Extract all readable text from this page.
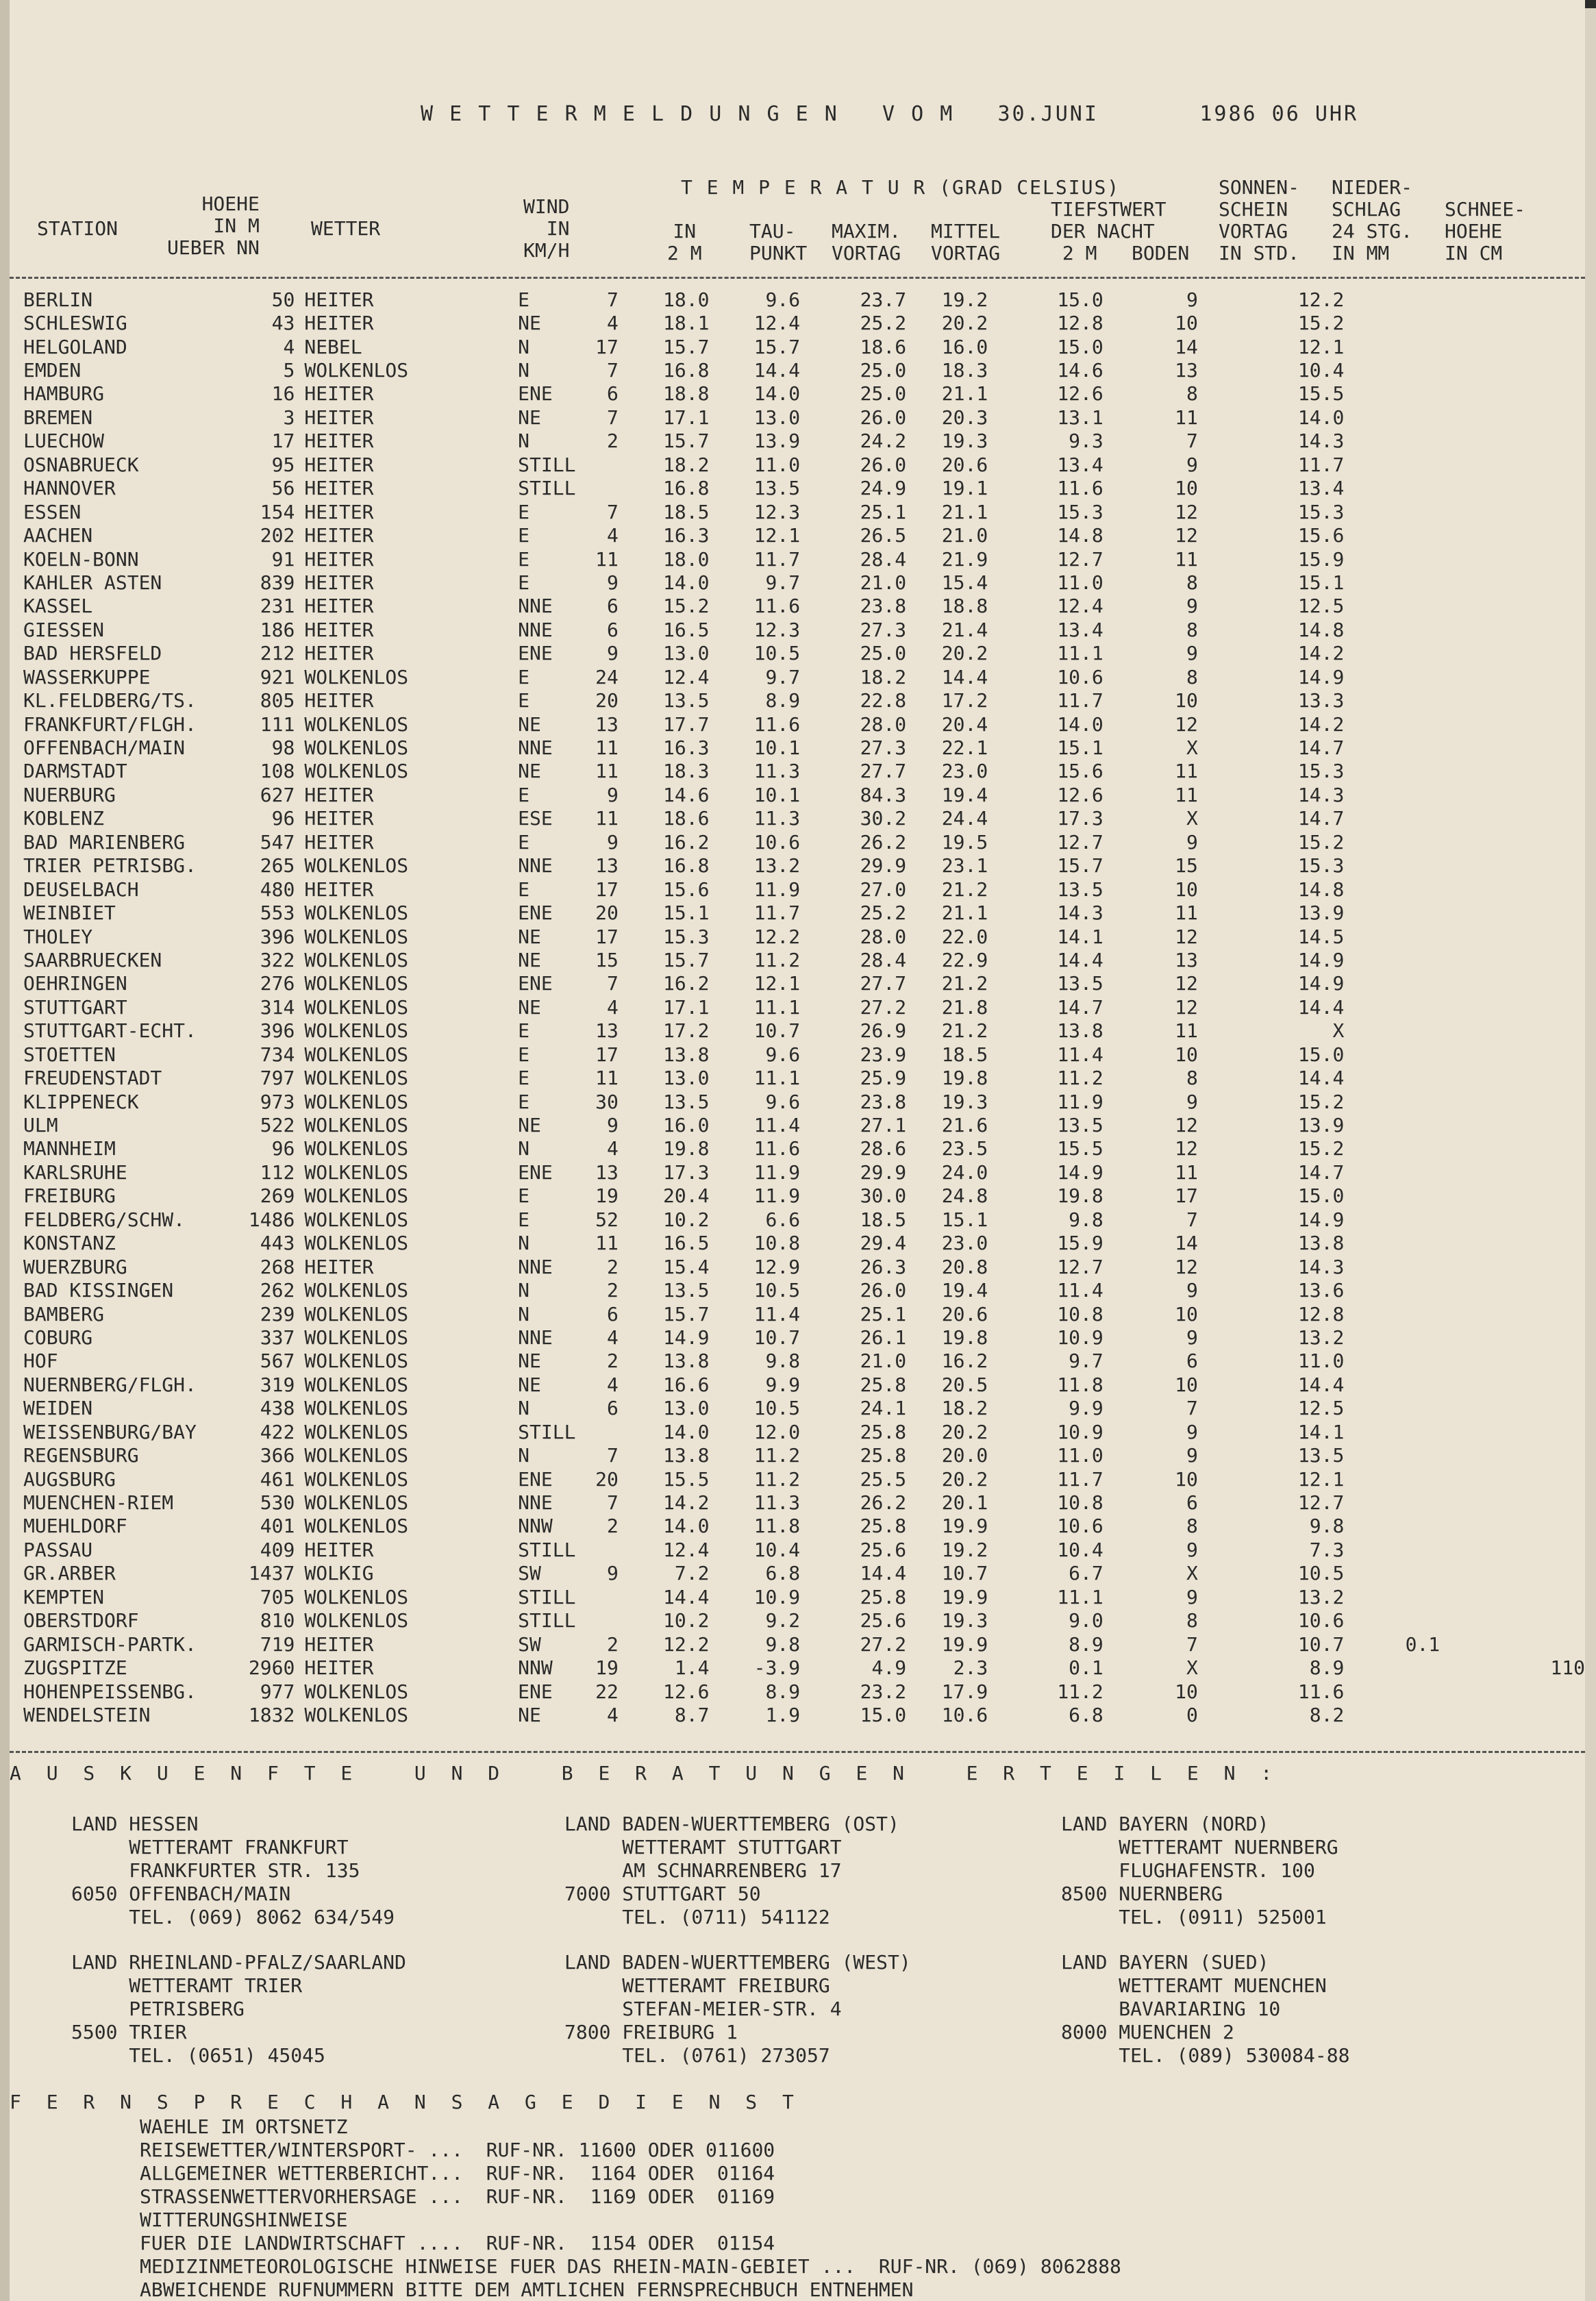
W E T T E R M E L D U N G E N   V O M   30.JUNI       1986 06 UHR
STATION
HOEHE
IN M
UEBER NN
WETTER
WIND
IN
KM/H
T E M P E R A T U R (GRAD CELSIUS)
IN
2 M
TAU-
PUNKT
MAXIM.
VORTAG
MITTEL
VORTAG
TIEFSTWERT
DER NACHT
2 M   BODEN
SONNEN-
SCHEIN
VORTAG
IN STD.
NIEDER-
SCHLAG
24 STG.
IN MM
SCHNEE-
HOEHE
IN CM
BERLIN	50	HEITER	E	7	18.0	9.6	23.7	19.2	15.0	9	12.2		
SCHLESWIG	43	HEITER	NE	4	18.1	12.4	25.2	20.2	12.8	10	15.2		
HELGOLAND	4	NEBEL	N	17	15.7	15.7	18.6	16.0	15.0	14	12.1		
EMDEN	5	WOLKENLOS	N	7	16.8	14.4	25.0	18.3	14.6	13	10.4		
HAMBURG	16	HEITER	ENE	6	18.8	14.0	25.0	21.1	12.6	8	15.5		
BREMEN	3	HEITER	NE	7	17.1	13.0	26.0	20.3	13.1	11	14.0		
LUECHOW	17	HEITER	N	2	15.7	13.9	24.2	19.3	9.3	7	14.3		
OSNABRUECK	95	HEITER	STILL		18.2	11.0	26.0	20.6	13.4	9	11.7		
HANNOVER	56	HEITER	STILL		16.8	13.5	24.9	19.1	11.6	10	13.4		
ESSEN	154	HEITER	E	7	18.5	12.3	25.1	21.1	15.3	12	15.3		
AACHEN	202	HEITER	E	4	16.3	12.1	26.5	21.0	14.8	12	15.6		
KOELN-BONN	91	HEITER	E	11	18.0	11.7	28.4	21.9	12.7	11	15.9		
KAHLER ASTEN	839	HEITER	E	9	14.0	9.7	21.0	15.4	11.0	8	15.1		
KASSEL	231	HEITER	NNE	6	15.2	11.6	23.8	18.8	12.4	9	12.5		
GIESSEN	186	HEITER	NNE	6	16.5	12.3	27.3	21.4	13.4	8	14.8		
BAD HERSFELD	212	HEITER	ENE	9	13.0	10.5	25.0	20.2	11.1	9	14.2		
WASSERKUPPE	921	WOLKENLOS	E	24	12.4	9.7	18.2	14.4	10.6	8	14.9		
KL.FELDBERG/TS.	805	HEITER	E	20	13.5	8.9	22.8	17.2	11.7	10	13.3		
FRANKFURT/FLGH.	111	WOLKENLOS	NE	13	17.7	11.6	28.0	20.4	14.0	12	14.2		
OFFENBACH/MAIN	98	WOLKENLOS	NNE	11	16.3	10.1	27.3	22.1	15.1	X	14.7		
DARMSTADT	108	WOLKENLOS	NE	11	18.3	11.3	27.7	23.0	15.6	11	15.3		
NUERBURG	627	HEITER	E	9	14.6	10.1	84.3	19.4	12.6	11	14.3		
KOBLENZ	96	HEITER	ESE	11	18.6	11.3	30.2	24.4	17.3	X	14.7		
BAD MARIENBERG	547	HEITER	E	9	16.2	10.6	26.2	19.5	12.7	9	15.2		
TRIER PETRISBG.	265	WOLKENLOS	NNE	13	16.8	13.2	29.9	23.1	15.7	15	15.3		
DEUSELBACH	480	HEITER	E	17	15.6	11.9	27.0	21.2	13.5	10	14.8		
WEINBIET	553	WOLKENLOS	ENE	20	15.1	11.7	25.2	21.1	14.3	11	13.9		
THOLEY	396	WOLKENLOS	NE	17	15.3	12.2	28.0	22.0	14.1	12	14.5		
SAARBRUECKEN	322	WOLKENLOS	NE	15	15.7	11.2	28.4	22.9	14.4	13	14.9		
OEHRINGEN	276	WOLKENLOS	ENE	7	16.2	12.1	27.7	21.2	13.5	12	14.9		
STUTTGART	314	WOLKENLOS	NE	4	17.1	11.1	27.2	21.8	14.7	12	14.4		
STUTTGART-ECHT.	396	WOLKENLOS	E	13	17.2	10.7	26.9	21.2	13.8	11	X		
STOETTEN	734	WOLKENLOS	E	17	13.8	9.6	23.9	18.5	11.4	10	15.0		
FREUDENSTADT	797	WOLKENLOS	E	11	13.0	11.1	25.9	19.8	11.2	8	14.4		
KLIPPENECK	973	WOLKENLOS	E	30	13.5	9.6	23.8	19.3	11.9	9	15.2		
ULM	522	WOLKENLOS	NE	9	16.0	11.4	27.1	21.6	13.5	12	13.9		
MANNHEIM	96	WOLKENLOS	N	4	19.8	11.6	28.6	23.5	15.5	12	15.2		
KARLSRUHE	112	WOLKENLOS	ENE	13	17.3	11.9	29.9	24.0	14.9	11	14.7		
FREIBURG	269	WOLKENLOS	E	19	20.4	11.9	30.0	24.8	19.8	17	15.0		
FELDBERG/SCHW.	1486	WOLKENLOS	E	52	10.2	6.6	18.5	15.1	9.8	7	14.9		
KONSTANZ	443	WOLKENLOS	N	11	16.5	10.8	29.4	23.0	15.9	14	13.8		
WUERZBURG	268	HEITER	NNE	2	15.4	12.9	26.3	20.8	12.7	12	14.3		
BAD KISSINGEN	262	WOLKENLOS	N	2	13.5	10.5	26.0	19.4	11.4	9	13.6		
BAMBERG	239	WOLKENLOS	N	6	15.7	11.4	25.1	20.6	10.8	10	12.8		
COBURG	337	WOLKENLOS	NNE	4	14.9	10.7	26.1	19.8	10.9	9	13.2		
HOF	567	WOLKENLOS	NE	2	13.8	9.8	21.0	16.2	9.7	6	11.0		
NUERNBERG/FLGH.	319	WOLKENLOS	NE	4	16.6	9.9	25.8	20.5	11.8	10	14.4		
WEIDEN	438	WOLKENLOS	N	6	13.0	10.5	24.1	18.2	9.9	7	12.5		
WEISSENBURG/BAY	422	WOLKENLOS	STILL		14.0	12.0	25.8	20.2	10.9	9	14.1		
REGENSBURG	366	WOLKENLOS	N	7	13.8	11.2	25.8	20.0	11.0	9	13.5		
AUGSBURG	461	WOLKENLOS	ENE	20	15.5	11.2	25.5	20.2	11.7	10	12.1		
MUENCHEN-RIEM	530	WOLKENLOS	NNE	7	14.2	11.3	26.2	20.1	10.8	6	12.7		
MUEHLDORF	401	WOLKENLOS	NNW	2	14.0	11.8	25.8	19.9	10.6	8	9.8		
PASSAU	409	HEITER	STILL		12.4	10.4	25.6	19.2	10.4	9	7.3		
GR.ARBER	1437	WOLKIG	SW	9	7.2	6.8	14.4	10.7	6.7	X	10.5		
KEMPTEN	705	WOLKENLOS	STILL		14.4	10.9	25.8	19.9	11.1	9	13.2		
OBERSTDORF	810	WOLKENLOS	STILL		10.2	9.2	25.6	19.3	9.0	8	10.6		
GARMISCH-PARTK.	719	HEITER	SW	2	12.2	9.8	27.2	19.9	8.9	7	10.7	0.1	
ZUGSPITZE	2960	HEITER	NNW	19	1.4	-3.9	4.9	2.3	0.1	X	8.9		110
HOHENPEISSENBG.	977	WOLKENLOS	ENE	22	12.6	8.9	23.2	17.9	11.2	10	11.6		
WENDELSTEIN	1832	WOLKENLOS	NE	4	8.7	1.9	15.0	10.6	6.8	0	8.2		
A U S K U E N F T E   U N D   B E R A T U N G E N   E R T E I L E N :
LAND HESSEN
WETTERAMT FRANKFURT
FRANKFURTER STR. 135
6050 OFFENBACH/MAIN
TEL. (069) 8062 634/549
LAND BADEN-WUERTTEMBERG (OST)
WETTERAMT STUTTGART
AM SCHNARRENBERG 17
7000 STUTTGART 50
TEL. (0711) 541122
LAND BAYERN (NORD)
WETTERAMT NUERNBERG
FLUGHAFENSTR. 100
8500 NUERNBERG
TEL. (0911) 525001
LAND RHEINLAND-PFALZ/SAARLAND
WETTERAMT TRIER
PETRISBERG
5500 TRIER
TEL. (0651) 45045
LAND BADEN-WUERTTEMBERG (WEST)
WETTERAMT FREIBURG
STEFAN-MEIER-STR. 4
7800 FREIBURG 1
TEL. (0761) 273057
LAND BAYERN (SUED)
WETTERAMT MUENCHEN
BAVARIARING 10
8000 MUENCHEN 2
TEL. (089) 530084-88
F E R N S P R E C H A N S A G E D I E N S T
WAEHLE IM ORTSNETZ
REISEWETTER/WINTERSPORT- ...  RUF-NR. 11600 ODER 011600
ALLGEMEINER WETTERBERICHT...  RUF-NR.  1164 ODER  01164
STRASSENWETTERVORHERSAGE ...  RUF-NR.  1169 ODER  01169
WITTERUNGSHINWEISE
FUER DIE LANDWIRTSCHAFT ....  RUF-NR.  1154 ODER  01154
MEDIZINMETEOROLOGISCHE HINWEISE FUER DAS RHEIN-MAIN-GEBIET ...  RUF-NR. (069) 8062888
ABWEICHENDE RUFNUMMERN BITTE DEM AMTLICHEN FERNSPRECHBUCH ENTNEHMEN
